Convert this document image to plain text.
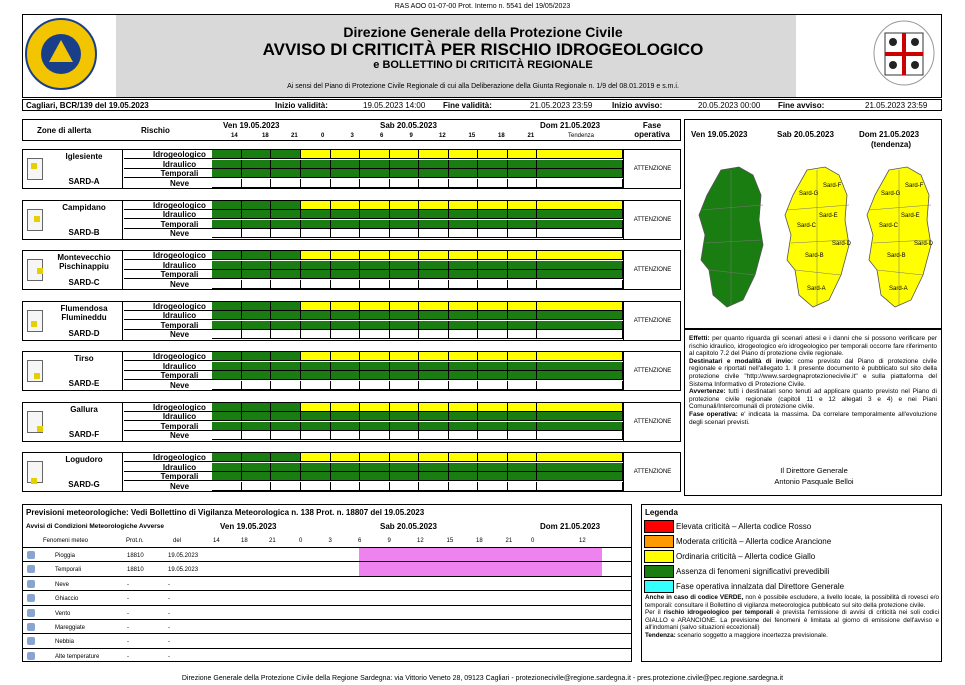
RAS AOO 01-07-00 Prot. Interno n. 5541 del 19/05/2023
Direzione Generale della Protezione Civile
AVVISO DI CRITICITÀ PER RISCHIO IDROGEOLOGICO
e BOLLETTINO DI CRITICITÀ REGIONALE
Ai sensi del Piano di Protezione Civile Regionale di cui alla Deliberazione della Giunta Regionale n. 1/9 del 08.01.2019 e s.m.i.
Cagliari, BCR/139 del 19.05.2023	Inizio validità:	19.05.2023 14:00 Fine validità:	21.05.2023 23:59 Inizio avviso:	20.05.2023 00:00 Fine avviso:	21.05.2023 23:59
Zone di allerta	Rischio
Ven 19.05.2023	Sab 20.05.2023	Dom 21.05.2023
Tendenza
Fase operativa
14	18	21	0	3	6	9	12	15	18	21
Iglesiente
SARD-A
Idrogeologico
Idraulico
Temporali
Neve
ATTENZIONE
Campidano
SARD-B
Idrogeologico
Idraulico
Temporali
Neve
ATTENZIONE
Montevecchio Pischinappiu
SARD-C
Idrogeologico
Idraulico
Temporali
Neve
ATTENZIONE
Flumendosa Flumineddu
SARD-D
Idrogeologico
Idraulico
Temporali
Neve
ATTENZIONE
Tirso
SARD-E
Idrogeologico
Idraulico
Temporali
Neve
ATTENZIONE
Gallura
SARD-F
Idrogeologico
Idraulico
Temporali
Neve
ATTENZIONE
Logudoro
SARD-G
Idrogeologico
Idraulico
Temporali
Neve
ATTENZIONE
Ven 19.05.2023	Sab 20.05.2023	Dom 21.05.2023
(tendenza)
Sard-F
Sard-G
Sard-E
Sard-C
Sard-D
Sard-B
Sard-A
Sard-F
Sard-G
Sard-E
Sard-C
Sard-D
Sard-B
Sard-A
Effetti: per quanto riguarda gli scenari attesi e i danni che si possono verificare per rischio idraulico, idrogeologico e/o idrogeologico per temporali occorre fare riferimento al capitolo 7.2 del Piano di protezione civile regionale.
Destinatari e modalità di invio: come previsto dal Piano di protezione civile regionale e riportati nell'allegato 1. Il presente documento è pubblicato sul sito della protezione civile "http://www.sardegnaprotezionecivile.it" e sulla piattaforma del Sistema Informativo di Protezione Civile.
Avvertenze: tutti i destinatari sono tenuti ad applicare quanto previsto nel Piano di protezione civile regionale (capitoli 11 e 12 allegati 3 e 4) e nei Piani Comunali/Intercomunali di protezione civile.
Fase operativa: e' indicata la massima. Da correlare temporalmente all'evoluzione degli scenari previsti.
Il Direttore Generale
Antonio Pasquale Belloi
Previsioni meteorologiche: Vedi Bollettino di Vigilanza Meteorologica n. 138 Prot. n. 18807 del 19.05.2023
Avvisi di Condizioni Meteorologiche Avverse	Ven 19.05.2023	Sab 20.05.2023	Dom 21.05.2023
Fenomeni meteo	Prot.n.	del	14	18	21	0	3	6	9	12	15	18	21	0	12
Pioggia	18810	19.05.2023
Temporali	18810	19.05.2023
Neve	-	-
Ghiaccio	-	-
Vento	-	-
Mareggiate	-	-
Nebbia	-	-
Alte temperature	-	-
Legenda
Elevata criticità – Allerta codice Rosso
Moderata criticità – Allerta codice Arancione
Ordinaria criticità – Allerta codice Giallo
Assenza di fenomeni significativi prevedibili
Fase operativa innalzata dal Direttore Generale
Anche in caso di codice VERDE, non è possibile escludere, a livello locale, la possibilità di rovesci e/o temporali: consultare il Bollettino di vigilanza meteorologica pubblicato sul sito della protezione civile.
Per il rischio idrogeologico per temporali è prevista l'emissione di avvisi di criticità nei soli codici GIALLO e ARANCIONE. La previsione dei fenomeni è limitata al giorno di emissione dell'avviso e all'indomani (salvo situazioni eccezionali)
Tendenza: scenario soggetto a maggiore incertezza previsionale.
Direzione Generale della Protezione Civile della Regione Sardegna: via Vittorio Veneto 28, 09123 Cagliari - protezionecivile@regione.sardegna.it - pres.protezione.civile@pec.regione.sardegna.it
